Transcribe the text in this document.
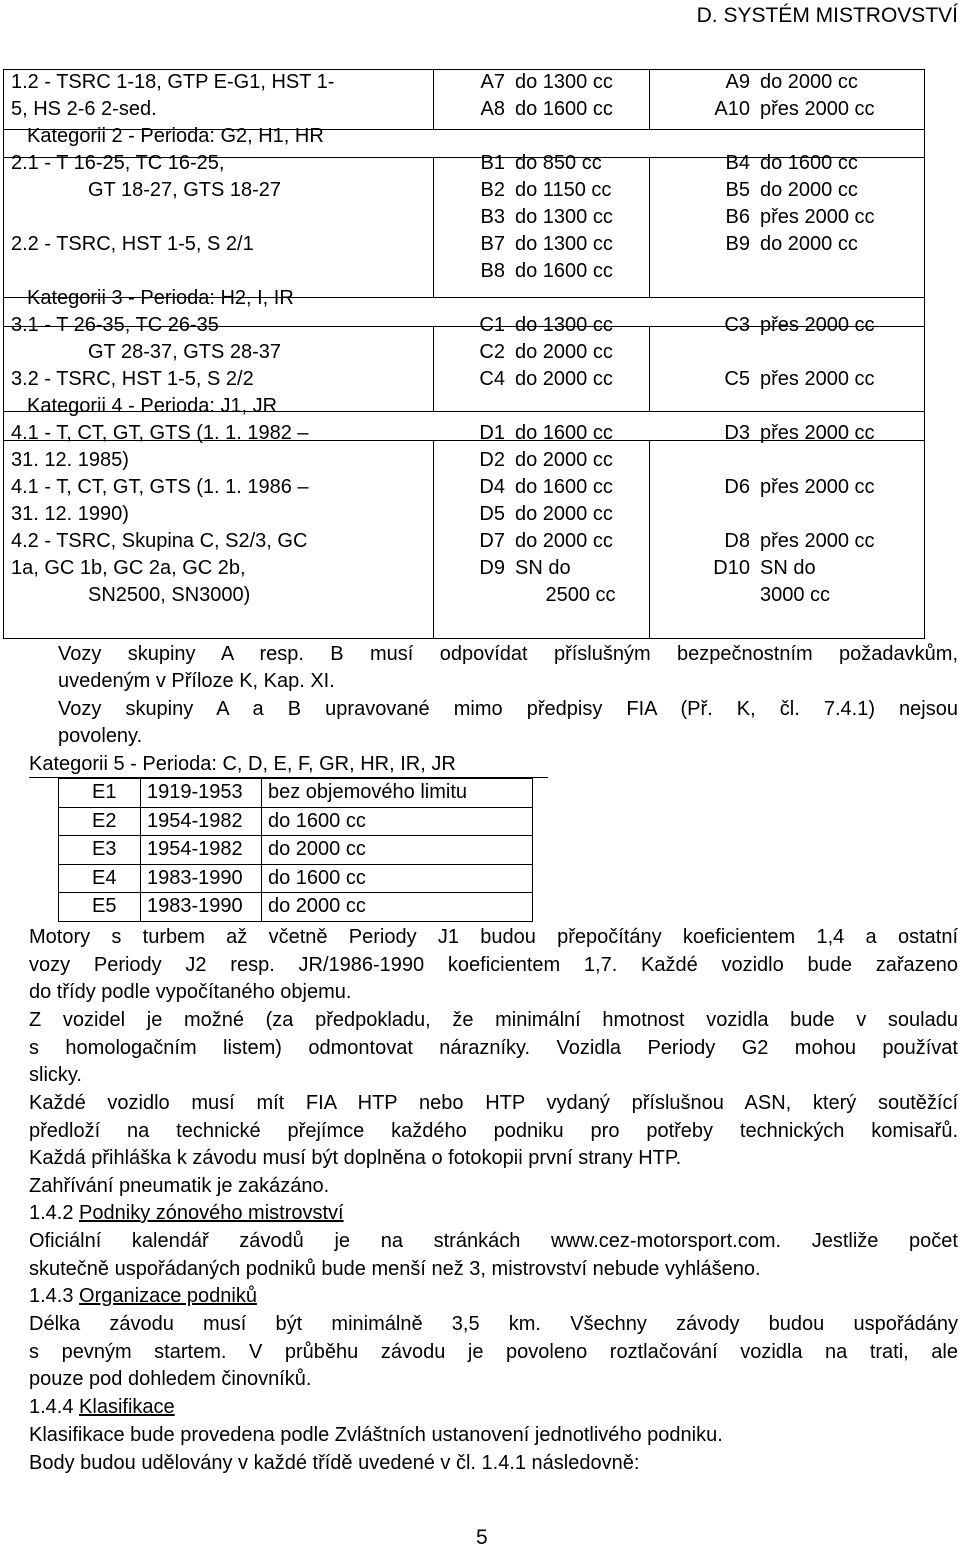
D. SYSTÉM MISTROVSTVÍ
1.2 - TSRC 1-18, GTP E-G1, HST 1-	A7	do 1300 cc	A9	do 2000 cc
5, HS 2-6 2-sed.	A8	do 1600 cc	A10	přes 2000 cc
Kategorii 2 - Perioda: G2, H1, HR				
2.1 - T 16-25, TC 16-25,	B1	do 850 cc	B4	do 1600 cc
GT 18-27, GTS 18-27	B2	do 1150 cc	B5	do 2000 cc
	B3	do 1300 cc	B6	přes 2000 cc
2.2 - TSRC, HST 1-5, S 2/1	B7	do 1300 cc	B9	do 2000 cc
	B8	do 1600 cc		
Kategorii 3 - Perioda: H2, I, IR				
3.1 - T 26-35, TC 26-35	C1	do 1300 cc	C3	přes 2000 cc
GT 28-37, GTS 28-37	C2	do 2000 cc		
3.2 - TSRC, HST 1-5, S 2/2	C4	do 2000 cc	C5	přes 2000 cc
Kategorii 4 - Perioda: J1, JR				
4.1 - T, CT, GT, GTS (1. 1. 1982 –	D1	do 1600 cc	D3	přes 2000 cc
31. 12. 1985)	D2	do 2000 cc		
4.1 - T, CT, GT, GTS (1. 1. 1986 –	D4	do 1600 cc	D6	přes 2000 cc
31. 12. 1990)	D5	do 2000 cc		
4.2 - TSRC, Skupina C, S2/3, GC	D7	do 2000 cc	D8	přes 2000 cc
1a, GC 1b, GC 2a, GC 2b,	D9	SN do	D10	SN do
SN2500, SN3000)		2500 cc		3000 cc
Vozy skupiny A resp. B musí odpovídat příslušným bezpečnostním požadavkům,
uvedeným v Příloze K, Kap. XI.
Vozy skupiny A a B upravované mimo předpisy FIA (Př. K, čl. 7.4.1) nejsou
povoleny.
Kategorii 5 - Perioda: C, D, E, F, GR, HR, IR, JR
E1	1919-1953	bez objemového limitu
E2	1954-1982	do 1600 cc
E3	1954-1982	do 2000 cc
E4	1983-1990	do 1600 cc
E5	1983-1990	do 2000 cc
Motory s turbem až včetně Periody J1 budou přepočítány koeficientem 1,4 a ostatní
vozy Periody J2 resp. JR/1986-1990 koeficientem 1,7. Každé vozidlo bude zařazeno
do třídy podle vypočítaného objemu.
Z vozidel je možné (za předpokladu, že minimální hmotnost vozidla bude v souladu
s homologačním listem) odmontovat nárazníky. Vozidla Periody G2 mohou používat
slicky.
Každé vozidlo musí mít FIA HTP nebo HTP vydaný příslušnou ASN, který soutěžící
předloží na technické přejímce každého podniku pro potřeby technických komisařů.
Každá přihláška k závodu musí být doplněna o fotokopii první strany HTP.
Zahřívání pneumatik je zakázáno.
1.4.2 Podniky zónového mistrovství
Oficiální kalendář závodů je na stránkách www.cez-motorsport.com. Jestliže počet
skutečně uspořádaných podniků bude menší než 3, mistrovství nebude vyhlášeno.
1.4.3 Organizace podniků
Délka závodu musí být minimálně 3,5 km. Všechny závody budou uspořádány
s pevným startem. V průběhu závodu je povoleno roztlačování vozidla na trati, ale
pouze pod dohledem činovníků.
1.4.4 Klasifikace
Klasifikace bude provedena podle Zvláštních ustanovení jednotlivého podniku.
Body budou udělovány v každé třídě uvedené v čl. 1.4.1 následovně:
5
